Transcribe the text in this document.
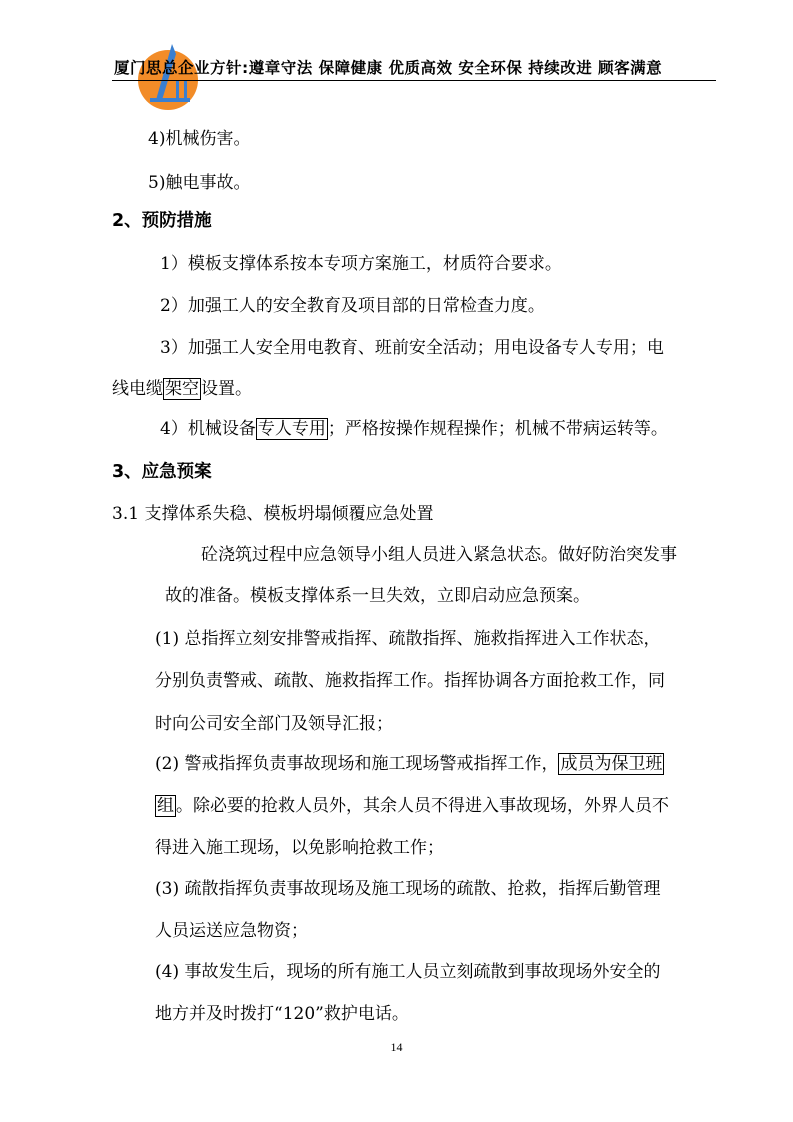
厦门思总企业方针:遵章守法 保障健康 优质高效 安全环保 持续改进 顾客满意
4)机械伤害。
5)触电事故。
2、预防措施
1）模板支撑体系按本专项方案施工，材质符合要求。
2）加强工人的安全教育及项目部的日常检查力度。
3）加强工人安全用电教育、班前安全活动；用电设备专人专用；电
线电缆 架空 设置。
4）机械设备 专人专用 ；严格按操作规程操作；机械不带病运转等。
3、应急预案
3.1 支撑体系失稳、模板坍塌倾覆应急处置
砼浇筑过程中应急领导小组人员进入紧急状态。做好防治突发事
故的准备。模板支撑体系一旦失效，立即启动应急预案。
(1) 总指挥立刻安排警戒指挥、疏散指挥、施救指挥进入工作状态，
分别负责警戒、疏散、施救指挥工作。指挥协调各方面抢救工作，同
时向公司安全部门及领导汇报；
(2) 警戒指挥负责事故现场和施工现场警戒指挥工作， 成员为保卫班
组 。除必要的抢救人员外，其余人员不得进入事故现场，外界人员不
得进入施工现场，以免影响抢救工作；
(3) 疏散指挥负责事故现场及施工现场的疏散、抢救，指挥后勤管理
人员运送应急物资；
(4) 事故发生后，现场的所有施工人员立刻疏散到事故现场外安全的
地方并及时拨打“120”救护电话。
14
